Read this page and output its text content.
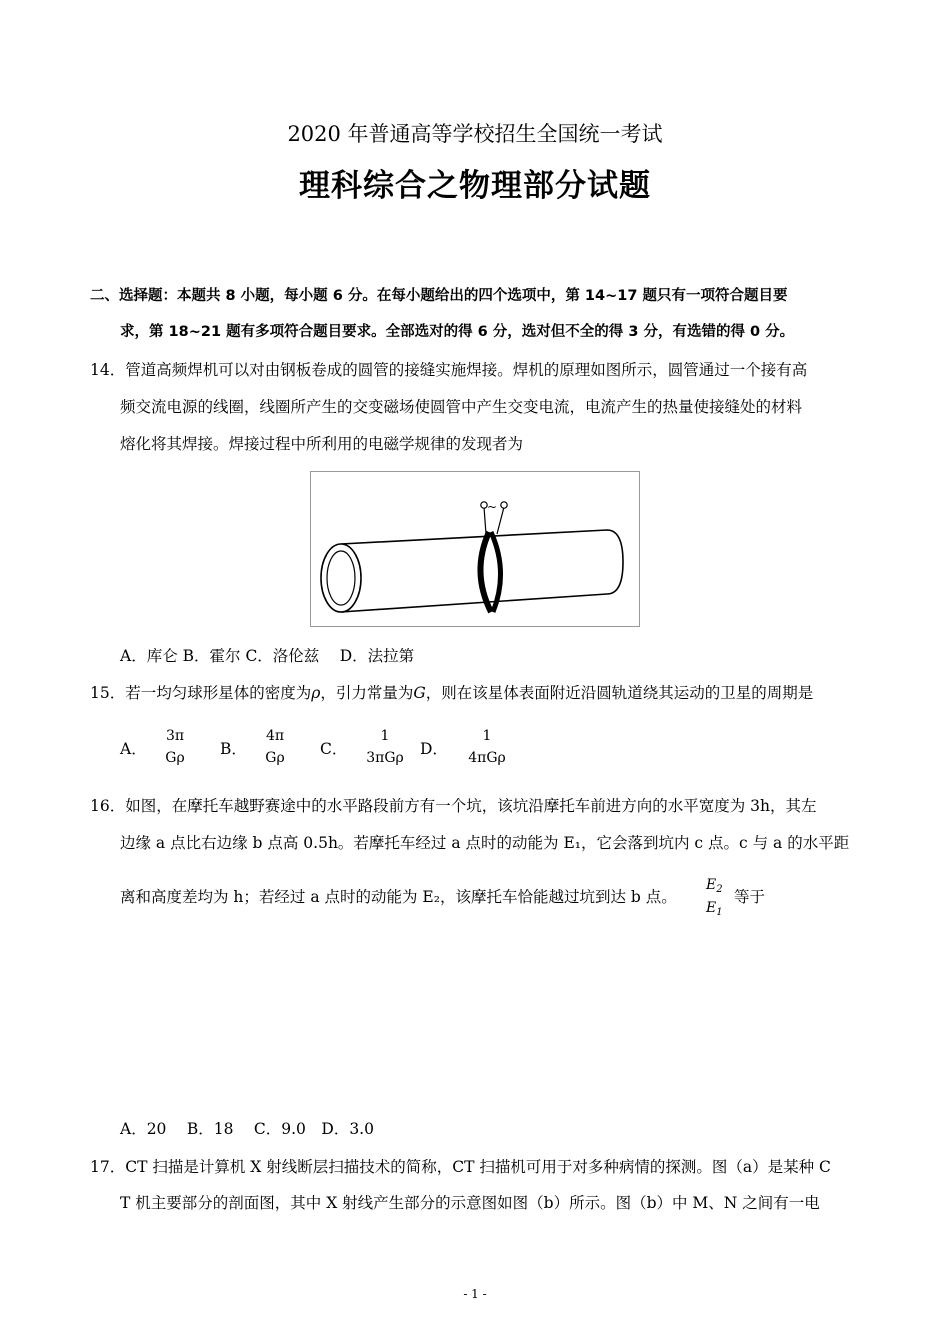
2020 年普通高等学校招生全国统一考试
理科综合之物理部分试题
二、选择题：本题共 8 小题，每小题 6 分。在每小题给出的四个选项中，第 14~17 题只有一项符合题目要
求，第 18~21 题有多项符合题目要求。全部选对的得 6 分，选对但不全的得 3 分，有选错的得 0 分。
14．管道高频焊机可以对由钢板卷成的圆管的接缝实施焊接。焊机的原理如图所示，圆管通过一个接有高
频交流电源的线圈，线圈所产生的交变磁场使圆管中产生交变电流，电流产生的热量使接缝处的材料
熔化将其焊接。焊接过程中所利用的电磁学规律的发现者为
~
A．库仑 B．霍尔 C．洛伦兹　 D．法拉第
15．若一均匀球形星体的密度为ρ，引力常量为G，则在该星体表面附近沿圆轨道绕其运动的卫星的周期是
A．
3π
Gρ	B．
4π
Gρ	C．
1
3πGρ	D．
1
4πGρ
16．如图，在摩托车越野赛途中的水平路段前方有一个坑，该坑沿摩托车前进方向的水平宽度为 3h，其左
边缘 a 点比右边缘 b 点高 0.5h。若摩托车经过 a 点时的动能为 E₁，它会落到坑内 c 点。c 与 a 的水平距
离和高度差均为 h；若经过 a 点时的动能为 E₂，该摩托车恰能越过坑到达 b 点。
$E_2$
$E_1$
等于
A．20　 B．18　 C．9.0　D．3.0
17．CT 扫描是计算机 X 射线断层扫描技术的简称，CT 扫描机可用于对多种病情的探测。图（a）是某种 C
T 机主要部分的剖面图，其中 X 射线产生部分的示意图如图（b）所示。图（b）中 M、N 之间有一电
- 1 -
